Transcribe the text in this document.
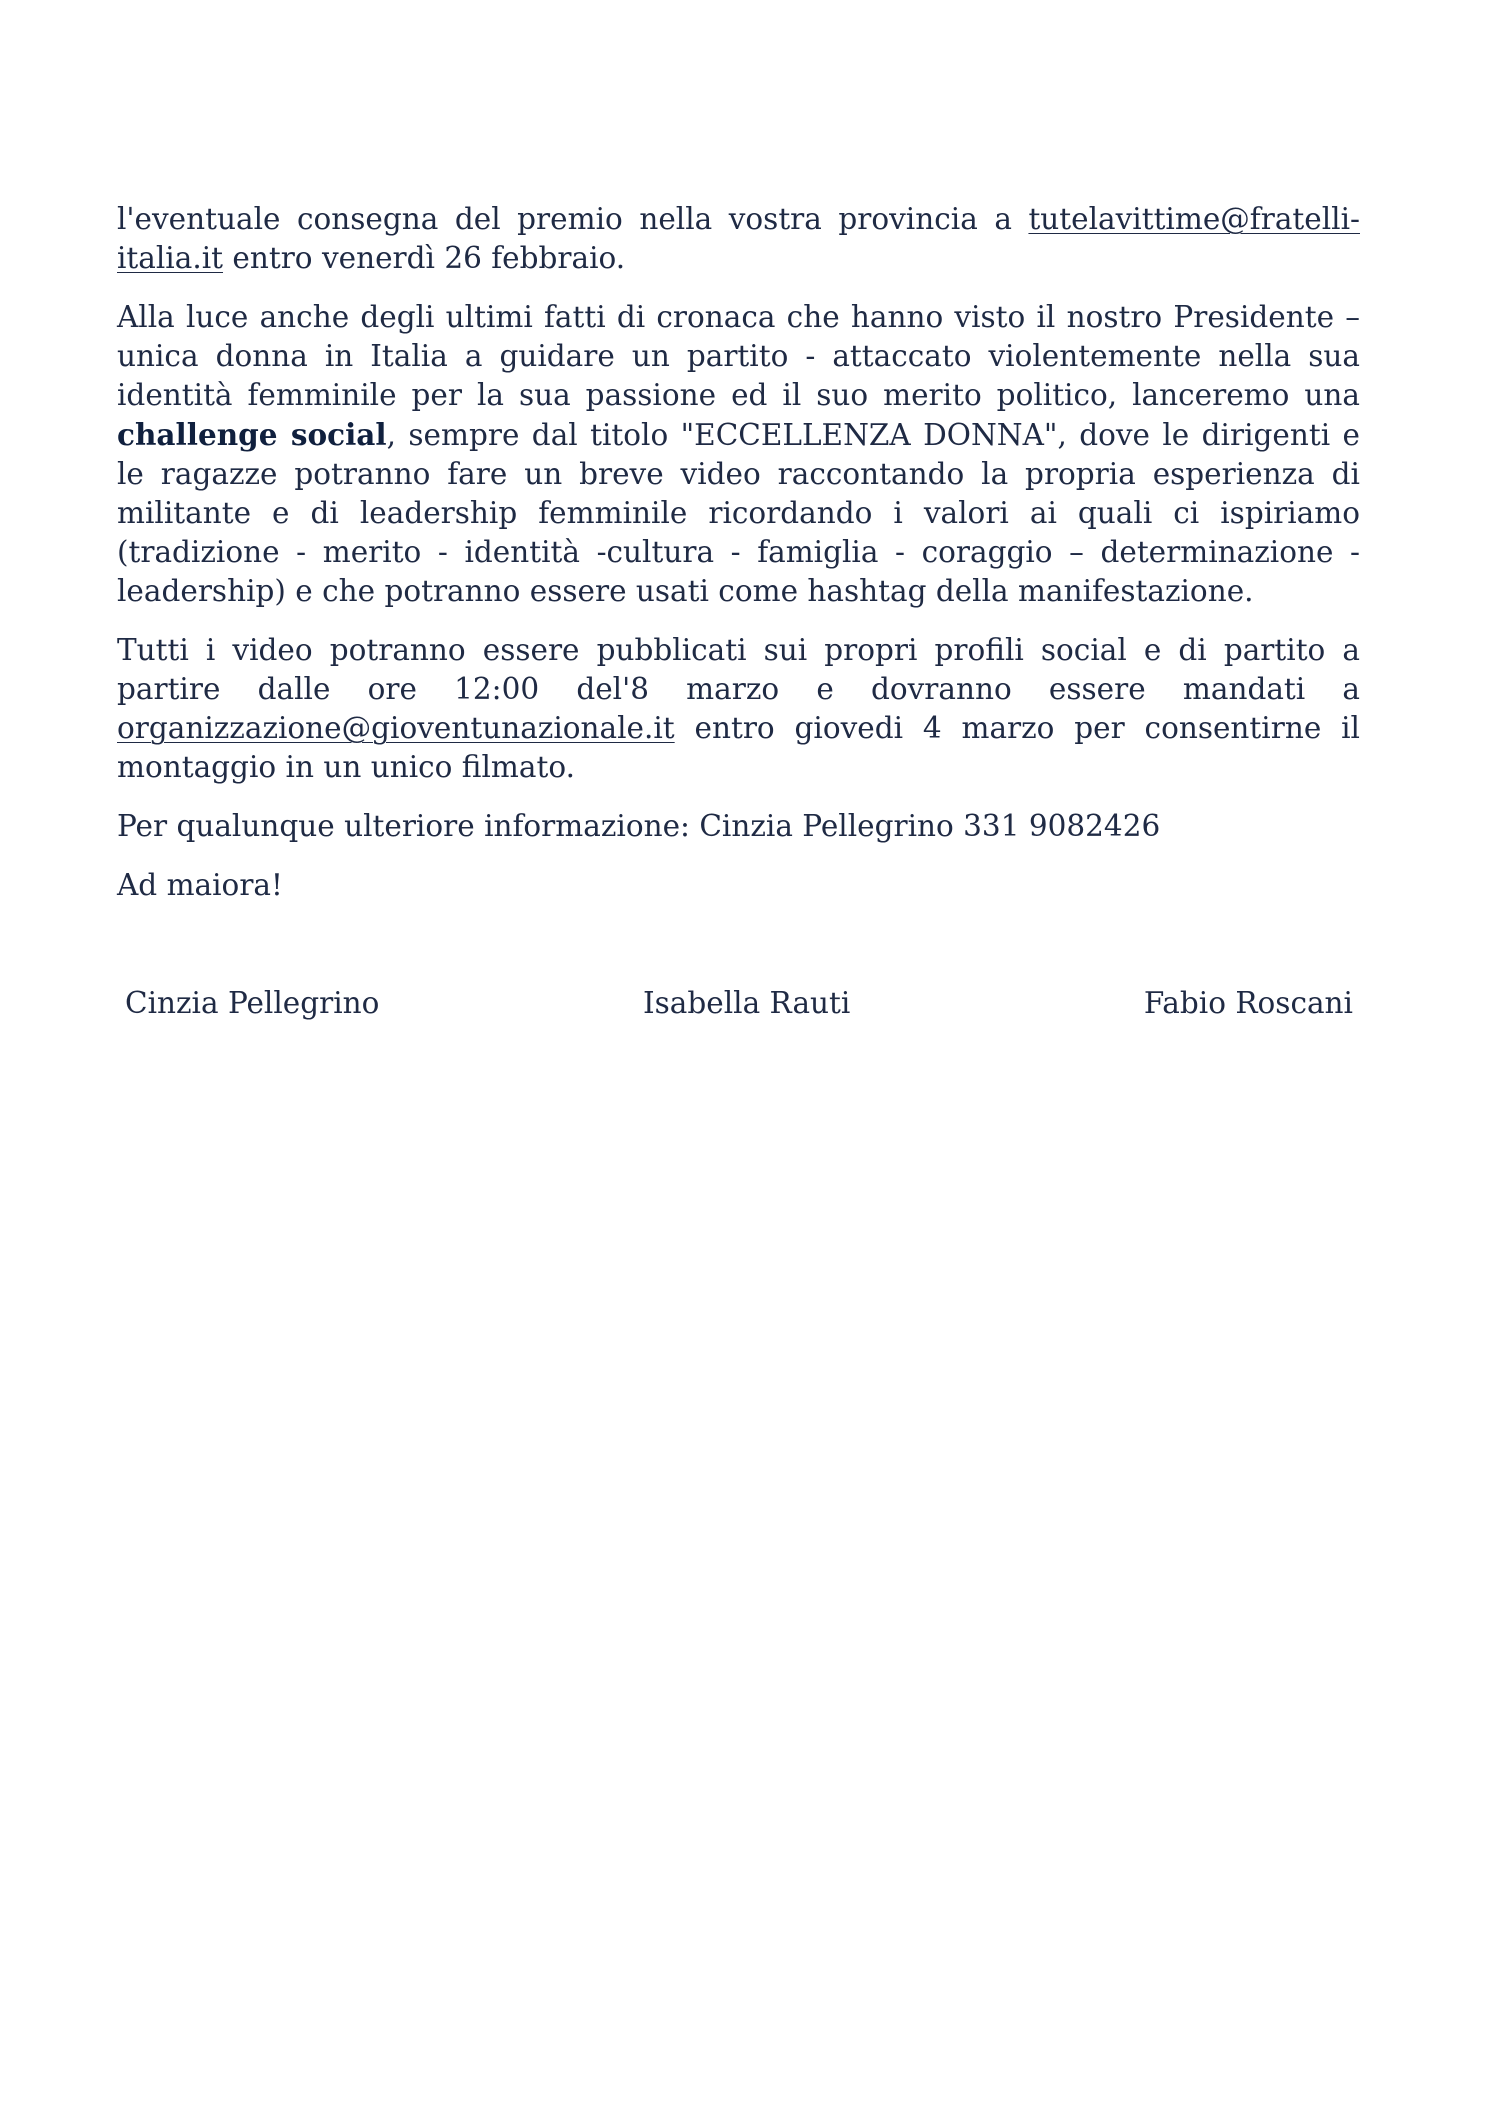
l'eventuale consegna del premio nella vostra provincia a tutelavittime@fratelli-italia.it entro venerdì 26 febbraio.

Alla luce anche degli ultimi fatti di cronaca che hanno visto il nostro Presidente – unica donna in Italia a guidare un partito - attaccato violentemente nella sua identità femminile per la sua passione ed il suo merito politico, lanceremo una challenge social, sempre dal titolo "ECCELLENZA DONNA", dove le dirigenti e le ragazze potranno fare un breve video raccontando la propria esperienza di militante e di leadership femminile ricordando i valori ai quali ci ispiriamo (tradizione - merito - identità -cultura - famiglia - coraggio – determinazione - leadership) e che potranno essere usati come hashtag della manifestazione.

Tutti i video potranno essere pubblicati sui propri profili social e di partito a partire dalle ore 12:00 del'8 marzo e dovranno essere mandati a organizzazione@gioventunazionale.it entro giovedi 4 marzo per consentirne il montaggio in un unico filmato.

Per qualunque ulteriore informazione: Cinzia Pellegrino 331 9082426

Ad maiora!

Cinzia Pellegrino	Isabella Rauti	Fabio Roscani
